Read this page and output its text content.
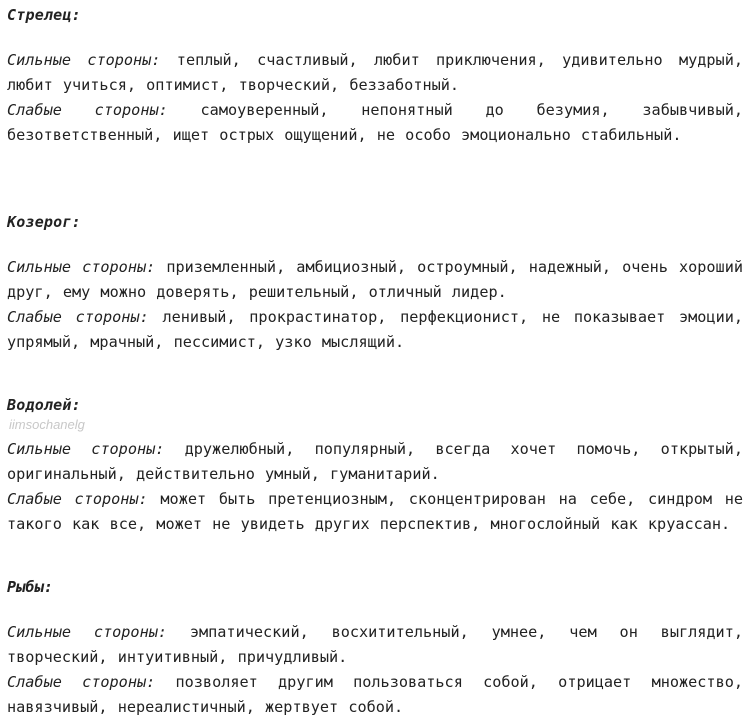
Стрелец:

Сильные стороны: теплый, счастливый, любит приключения, удивительно мудрый, любит учиться, оптимист, творческий, беззаботный.
Слабые стороны: самоуверенный, непонятный до безумия, забывчивый, безответственный, ищет острых ощущений, не особо эмоционально стабильный.

Козерог:

Сильные стороны: приземленный, амбициозный, остроумный, надежный, очень хороший друг, ему можно доверять, решительный, отличный лидер.
Слабые стороны: ленивый, прокрастинатор, перфекционист, не показывает эмоции, упрямый, мрачный, пессимист, узко мыслящий.

Водолей:

Сильные стороны: дружелюбный, популярный, всегда хочет помочь, открытый, оригинальный, действительно умный, гуманитарий.
Слабые стороны: может быть претенциозным, сконцентрирован на себе, синдром не такого как все, может не увидеть других перспектив, многослойный как круассан.

Рыбы:

Сильные стороны: эмпатический, восхитительный, умнее, чем он выглядит, творческий, интуитивный, причудливый.
Слабые стороны: позволяет другим пользоваться собой, отрицает множество, навязчивый, нереалистичный, жертвует собой.

iimsochanelg
